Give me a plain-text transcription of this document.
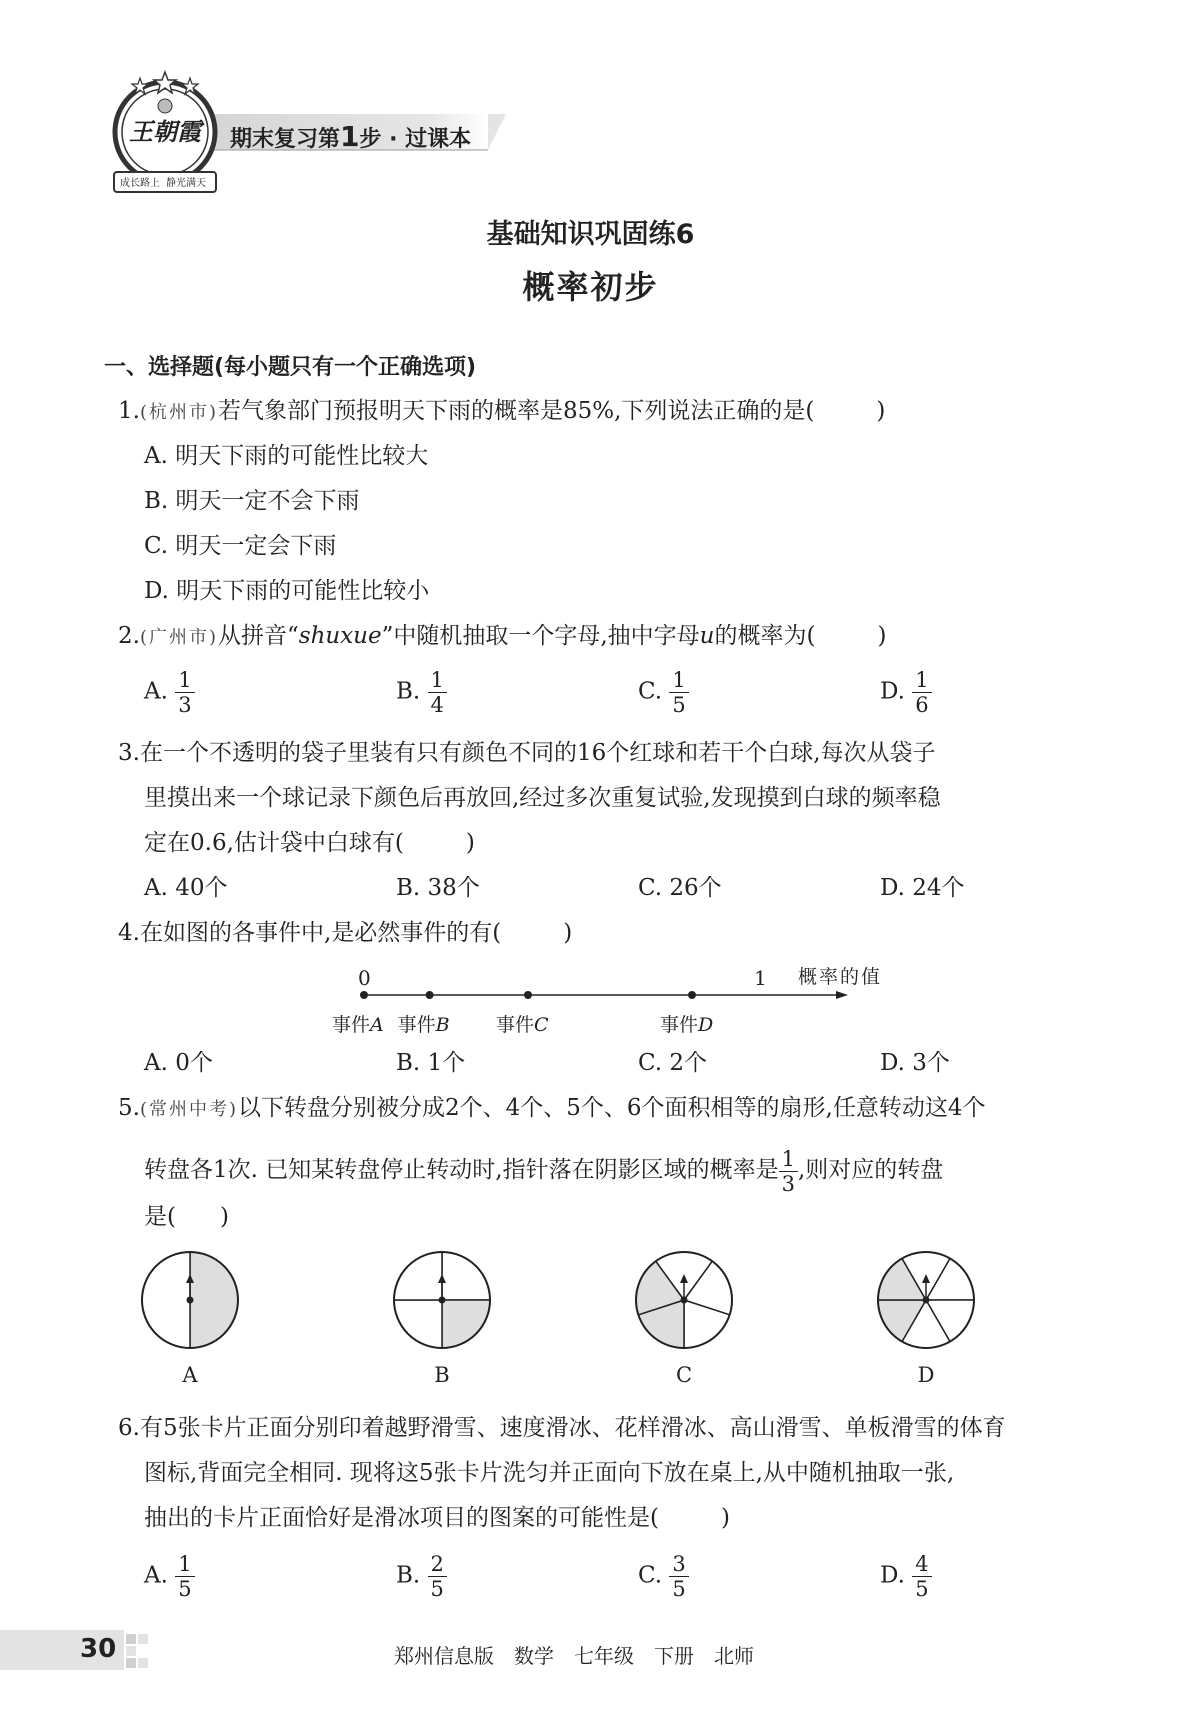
期末复习第1步 · 过课本
王朝霞
成长路上 静光满天
基础知识巩固练6
概率初步
一、选择题(每小题只有一个正确选项)
1.(杭州市)若气象部门预报明天下雨的概率是85%,下列说法正确的是(	)
A. 明天下雨的可能性比较大
B. 明天一定不会下雨
C. 明天一定会下雨
D. 明天下雨的可能性比较小
2.(广州市)从拼音“shuxue”中随机抽取一个字母,抽中字母u的概率为(	)
A. $\frac{1}{3}$	B. $\frac{1}{4}$	C. $\frac{1}{5}$	D. $\frac{1}{6}$
3.在一个不透明的袋子里装有只有颜色不同的16个红球和若干个白球,每次从袋子
里摸出来一个球记录下颜色后再放回,经过多次重复试验,发现摸到白球的频率稳
定在0.6,估计袋中白球有(	)
A. 40个	B. 38个	C. 26个	D. 24个
4.在如图的各事件中,是必然事件的有(	)
0	1 概率的值
事件A 事件B 事件C	事件D
A. 0个	B. 1个	C. 2个	D. 3个
5.(常州中考)以下转盘分别被分成2个、4个、5个、6个面积相等的扇形,任意转动这4个
转盘各1次. 已知某转盘停止转动时,指针落在阴影区域的概率是 $\frac{1}{3}$ ,则对应的转盘
是( )
A	B	C	D
6.有5张卡片正面分别印着越野滑雪、速度滑冰、花样滑冰、高山滑雪、单板滑雪的体育
图标,背面完全相同. 现将这5张卡片洗匀并正面向下放在桌上,从中随机抽取一张,
抽出的卡片正面恰好是滑冰项目的图案的可能性是(	)
A. $\frac{1}{5}$	B. $\frac{2}{5}$	C. $\frac{3}{5}$	D. $\frac{4}{5}$
30	郑州信息版　数学　七年级　下册　北师
